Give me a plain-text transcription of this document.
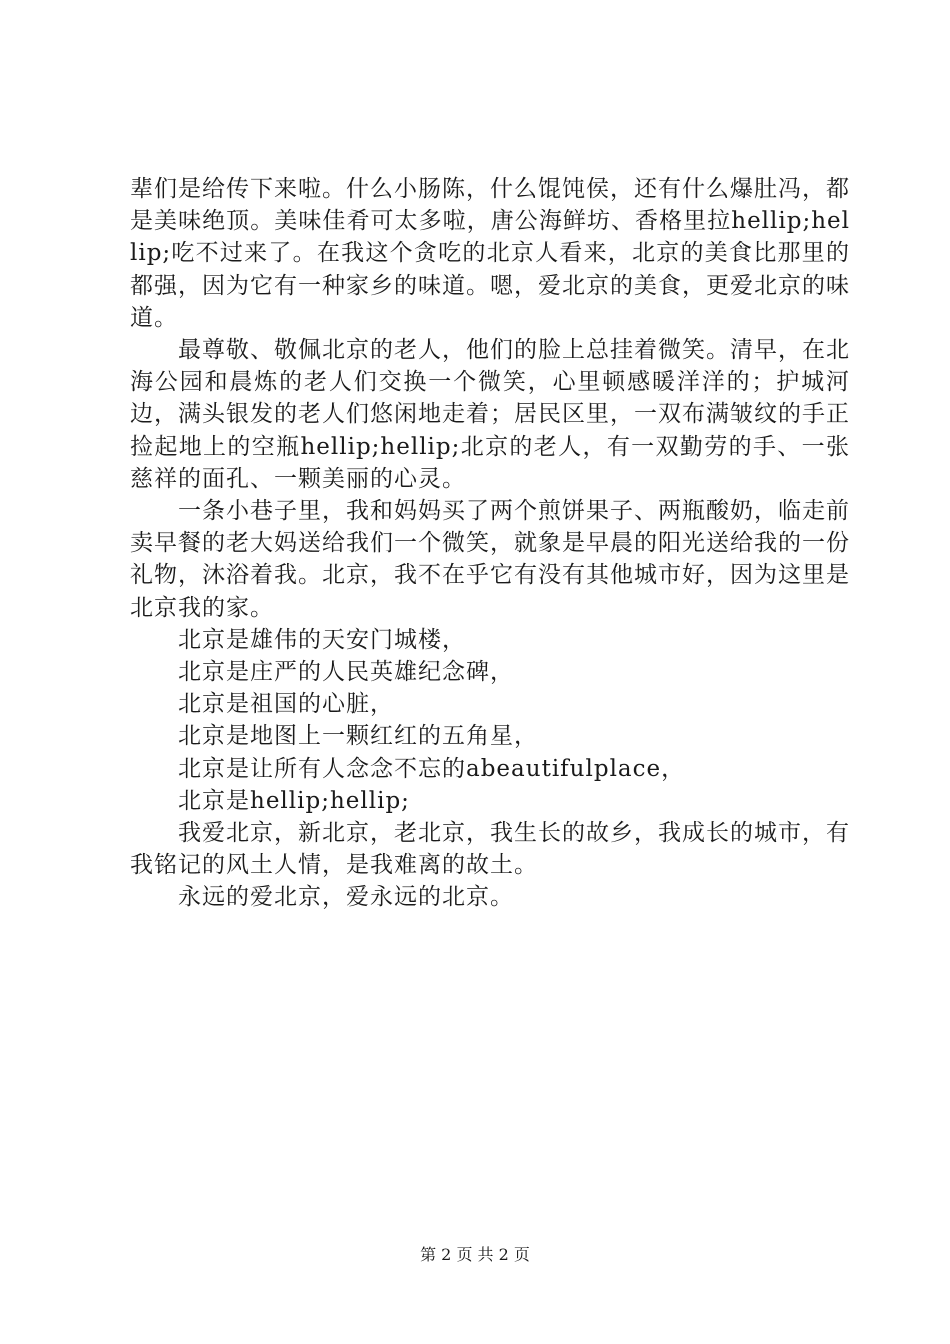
辈们是给传下来啦。什么小肠陈，什么馄饨侯，还有什么爆肚冯，都是美味绝顶。美味佳肴可太多啦，唐公海鲜坊、香格里拉hellip;hellip;吃不过来了。在我这个贪吃的北京人看来，北京的美食比那里的都强，因为它有一种家乡的味道。嗯，爱北京的美食，更爱北京的味道。

最尊敬、敬佩北京的老人，他们的脸上总挂着微笑。清早，在北海公园和晨炼的老人们交换一个微笑，心里顿感暖洋洋的；护城河边，满头银发的老人们悠闲地走着；居民区里，一双布满皱纹的手正捡起地上的空瓶hellip;hellip;北京的老人，有一双勤劳的手、一张慈祥的面孔、一颗美丽的心灵。

一条小巷子里，我和妈妈买了两个煎饼果子、两瓶酸奶，临走前卖早餐的老大妈送给我们一个微笑，就象是早晨的阳光送给我的一份礼物，沐浴着我。北京，我不在乎它有没有其他城市好，因为这里是北京我的家。

北京是雄伟的天安门城楼，

北京是庄严的人民英雄纪念碑，

北京是祖国的心脏，

北京是地图上一颗红红的五角星，

北京是让所有人念念不忘的abeautifulplace，

北京是hellip;hellip;

我爱北京，新北京，老北京，我生长的故乡，我成长的城市，有我铭记的风土人情，是我难离的故土。

永远的爱北京，爱永远的北京。

第 2 页 共 2 页
